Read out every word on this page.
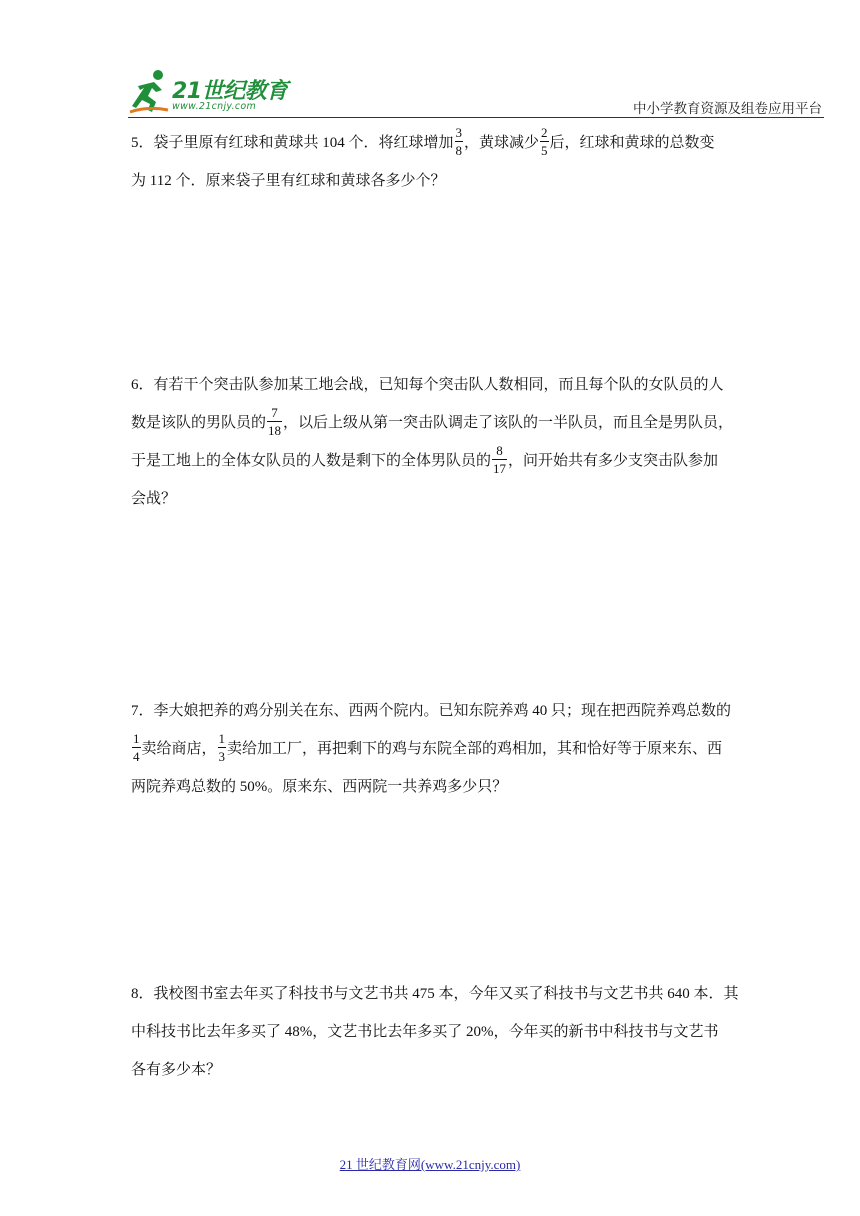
21世纪教育
www.21cnjy.com	中小学教育资源及组卷应用平台
5．袋子里原有红球和黄球共 104 个．将红球增加 $\frac{3}{8}$ ，黄球减少 $\frac{2}{5}$ 后，红球和黄球的总数变
为 112 个．原来袋子里有红球和黄球各多少个？
6．有若干个突击队参加某工地会战，已知每个突击队人数相同，而且每个队的女队员的人
数是该队的男队员的 $\frac{7}{18}$ ，以后上级从第一突击队调走了该队的一半队员，而且全是男队员，
于是工地上的全体女队员的人数是剩下的全体男队员的 $\frac{8}{17}$ ，问开始共有多少支突击队参加
会战？
7．李大娘把养的鸡分别关在东、西两个院内。已知东院养鸡 40 只；现在把西院养鸡总数的
$\frac{1}{4}$ 卖给商店， $\frac{1}{3}$ 卖给加工厂，再把剩下的鸡与东院全部的鸡相加，其和恰好等于原来东、西
两院养鸡总数的 50%。原来东、西两院一共养鸡多少只？
8．我校图书室去年买了科技书与文艺书共 475 本，今年又买了科技书与文艺书共 640 本．其
中科技书比去年多买了 48%，文艺书比去年多买了 20%，今年买的新书中科技书与文艺书
各有多少本？
21 世纪教育网(www.21cnjy.com)
